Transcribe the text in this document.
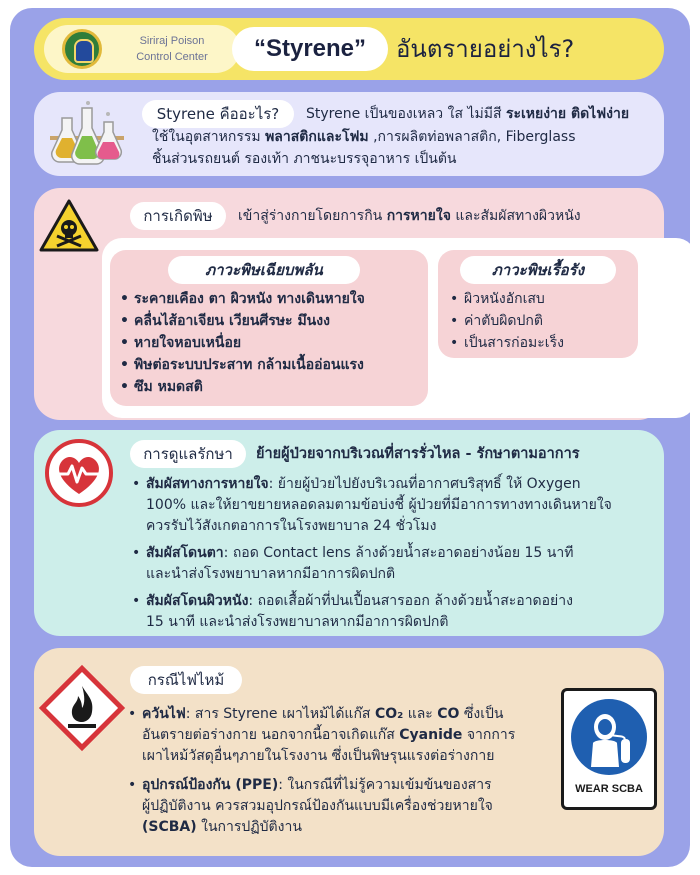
Siriraj Poison
Control Center	“Styrene”	อันตรายอย่างไร?
Styrene คืออะไร?	Styrene เป็นของเหลว ใส ไม่มีสี ระเหยง่าย ติดไฟง่าย
ใช้ในอุตสาหกรรม พลาสติกและโฟม ,การผลิตท่อพลาสติก, Fiberglass
ชิ้นส่วนรถยนต์ รองเท้า ภาชนะบรรจุอาหาร เป็นต้น
การเกิดพิษ	เข้าสู่ร่างกายโดยการกิน การหายใจ และสัมผัสทางผิวหนัง
ภาวะพิษเฉียบพลัน
• ระคายเคือง ตา ผิวหนัง ทางเดินหายใจ
• คลื่นไส้อาเจียน เวียนศีรษะ มึนงง
• หายใจหอบเหนื่อย
• พิษต่อระบบประสาท กล้ามเนื้ออ่อนแรง
• ซึม หมดสติ
ภาวะพิษเรื้อรัง
• ผิวหนังอักเสบ
• ค่าตับผิดปกติ
• เป็นสารก่อมะเร็ง
การดูแลรักษา	ย้ายผู้ป่วยจากบริเวณที่สารรั่วไหล - รักษาตามอาการ
• สัมผัสทางการหายใจ: ย้ายผู้ป่วยไปยังบริเวณที่อากาศบริสุทธิ์ ให้ Oxygen
100% และให้ยาขยายหลอดลมตามข้อบ่งชี้ ผู้ป่วยที่มีอาการทางทางเดินหายใจ
ควรรับไว้สังเกตอาการในโรงพยาบาล 24 ชั่วโมง
• สัมผัสโดนตา: ถอด Contact lens ล้างด้วยน้ำสะอาดอย่างน้อย 15 นาที
และนำส่งโรงพยาบาลหากมีอาการผิดปกติ
• สัมผัสโดนผิวหนัง: ถอดเสื้อผ้าที่ปนเปื้อนสารออก ล้างด้วยน้ำสะอาดอย่าง
15 นาที และนำส่งโรงพยาบาลหากมีอาการผิดปกติ
กรณีไฟไหม้
• ควันไฟ: สาร Styrene เผาไหม้ได้แก๊ส CO₂ และ CO ซึ่งเป็น
อันตรายต่อร่างกาย นอกจากนี้อาจเกิดแก๊ส Cyanide จากการ
เผาไหม้วัสดุอื่นๆภายในโรงงาน ซึ่งเป็นพิษรุนแรงต่อร่างกาย
• อุปกรณ์ป้องกัน (PPE): ในกรณีที่ไม่รู้ความเข้มข้นของสาร
ผู้ปฏิบัติงาน ควรสวมอุปกรณ์ป้องกันแบบมีเครื่องช่วยหายใจ
(SCBA) ในการปฏิบัติงาน
WEAR SCBA
